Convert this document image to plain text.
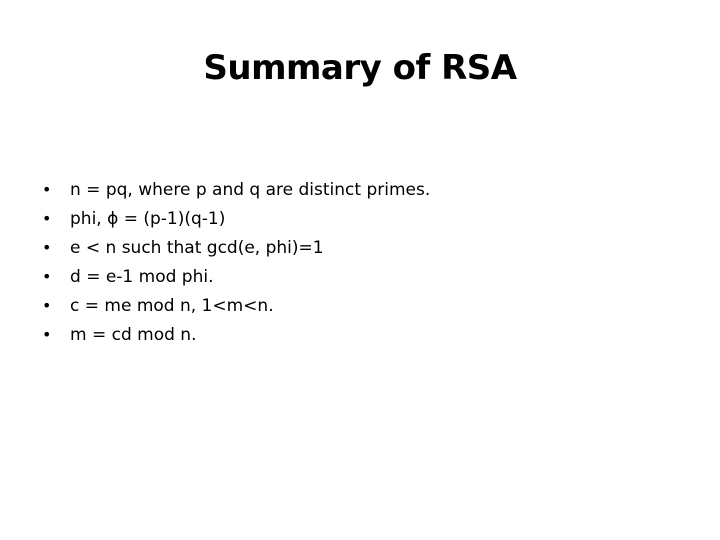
Summary of RSA
•	n = pq, where p and q are distinct primes.
•	phi, ϕ = (p-1)(q-1)
•	e < n such that gcd(e, phi)=1
•	d = e-1 mod phi.
•	c = me mod n, 1<m<n.
•	m = cd mod n.
